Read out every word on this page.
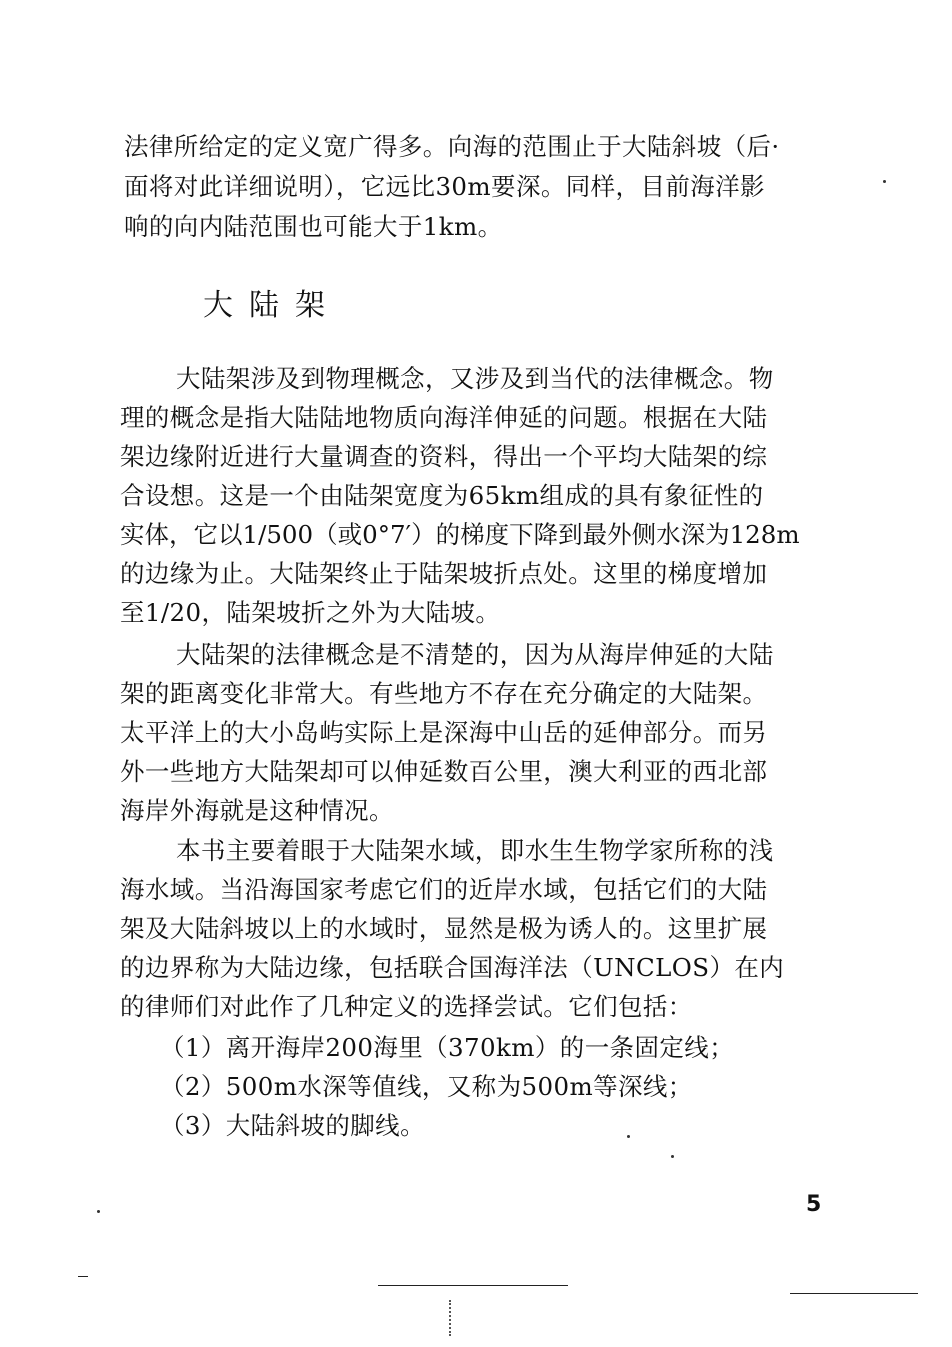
法律所给定的定义宽广得多。向海的范围止于大陆斜坡（后·
面将对此详细说明），它远比30m要深。同样，目前海洋影
响的向内陆范围也可能大于1km。
大陆架
大陆架涉及到物理概念，又涉及到当代的法律概念。物
理的概念是指大陆陆地物质向海洋伸延的问题。根据在大陆
架边缘附近进行大量调查的资料，得出一个平均大陆架的综
合设想。这是一个由陆架宽度为65km组成的具有象征性的
实体，它以1/500（或0°7′）的梯度下降到最外侧水深为128m
的边缘为止。大陆架终止于陆架坡折点处。这里的梯度增加
至1/20，陆架坡折之外为大陆坡。
大陆架的法律概念是不清楚的，因为从海岸伸延的大陆
架的距离变化非常大。有些地方不存在充分确定的大陆架。
太平洋上的大小岛屿实际上是深海中山岳的延伸部分。而另
外一些地方大陆架却可以伸延数百公里，澳大利亚的西北部
海岸外海就是这种情况。
本书主要着眼于大陆架水域，即水生生物学家所称的浅
海水域。当沿海国家考虑它们的近岸水域，包括它们的大陆
架及大陆斜坡以上的水域时，显然是极为诱人的。这里扩展
的边界称为大陆边缘，包括联合国海洋法（UNCLOS）在内
的律师们对此作了几种定义的选择尝试。它们包括：
（1）离开海岸200海里（370km）的一条固定线；
（2）500m水深等值线，又称为500m等深线；
（3）大陆斜坡的脚线。
5
